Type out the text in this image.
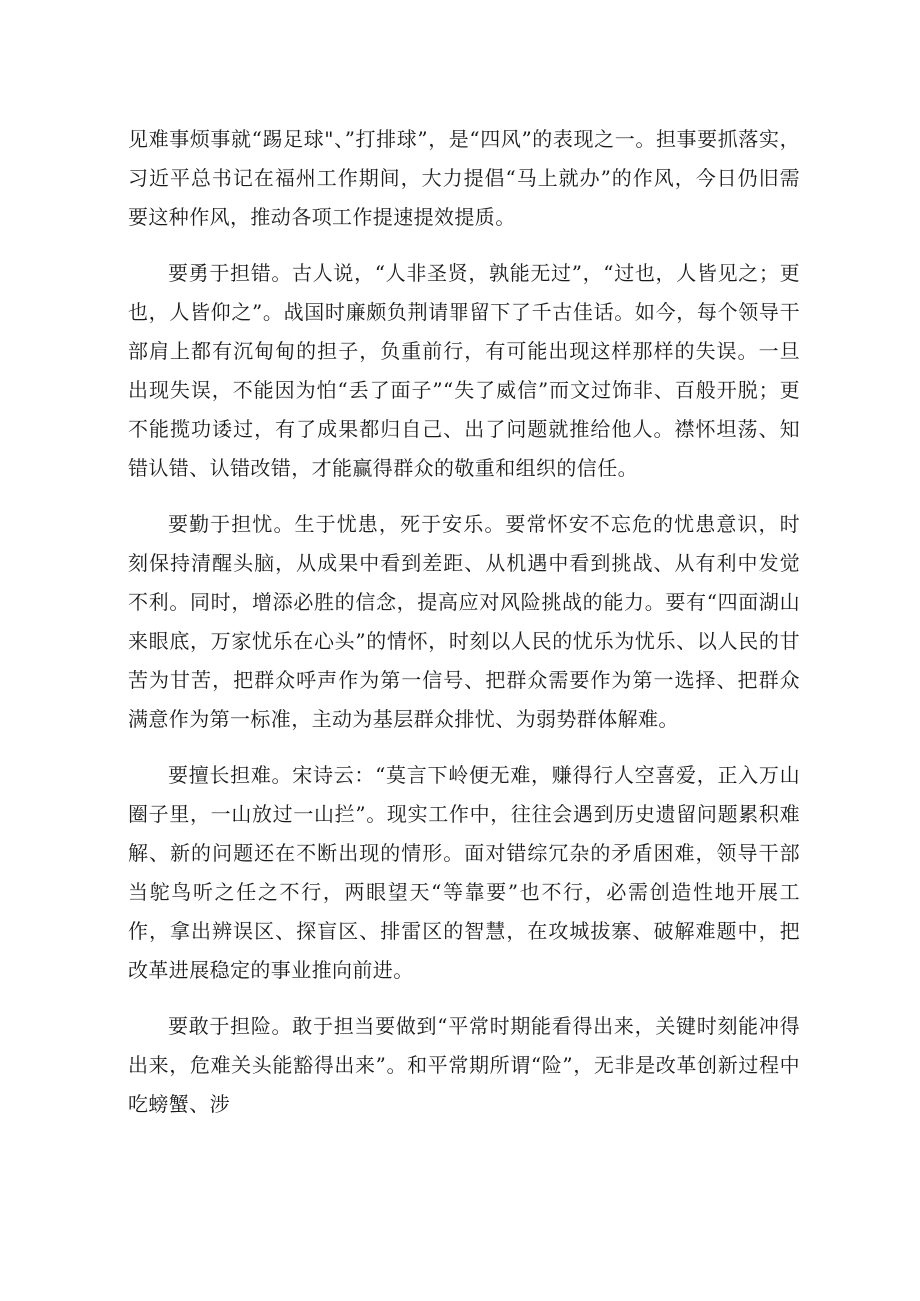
见难事烦事就“踢足球"、”打排球”，是“四风”的表现之一。担事要抓落实，习近平总书记在福州工作期间，大力提倡“马上就办”的作风，今日仍旧需要这种作风，推动各项工作提速提效提质。

要勇于担错。古人说，“人非圣贤，孰能无过”，“过也，人皆见之；更也，人皆仰之”。战国时廉颇负荆请罪留下了千古佳话。如今，每个领导干部肩上都有沉甸甸的担子，负重前行，有可能出现这样那样的失误。一旦出现失误，不能因为怕“丢了面子”“失了威信”而文过饰非、百般开脱；更不能揽功诿过，有了成果都归自己、出了问题就推给他人。襟怀坦荡、知错认错、认错改错，才能赢得群众的敬重和组织的信任。

要勤于担忧。生于忧患，死于安乐。要常怀安不忘危的忧患意识，时刻保持清醒头脑，从成果中看到差距、从机遇中看到挑战、从有利中发觉不利。同时，增添必胜的信念，提高应对风险挑战的能力。要有“四面湖山来眼底，万家忧乐在心头”的情怀，时刻以人民的忧乐为忧乐、以人民的甘苦为甘苦，把群众呼声作为第一信号、把群众需要作为第一选择、把群众满意作为第一标准，主动为基层群众排忧、为弱势群体解难。

要擅长担难。宋诗云：“莫言下岭便无难，赚得行人空喜爱，正入万山圈子里，一山放过一山拦”。现实工作中，往往会遇到历史遗留问题累积难解、新的问题还在不断出现的情形。面对错综冗杂的矛盾困难，领导干部当鸵鸟听之任之不行，两眼望天“等靠要”也不行，必需创造性地开展工作，拿出辨误区、探盲区、排雷区的智慧，在攻城拔寨、破解难题中，把改革进展稳定的事业推向前进。

要敢于担险。敢于担当要做到“平常时期能看得出来，关键时刻能冲得出来，危难关头能豁得出来”。和平常期所谓“险”，无非是改革创新过程中吃螃蟹、涉
